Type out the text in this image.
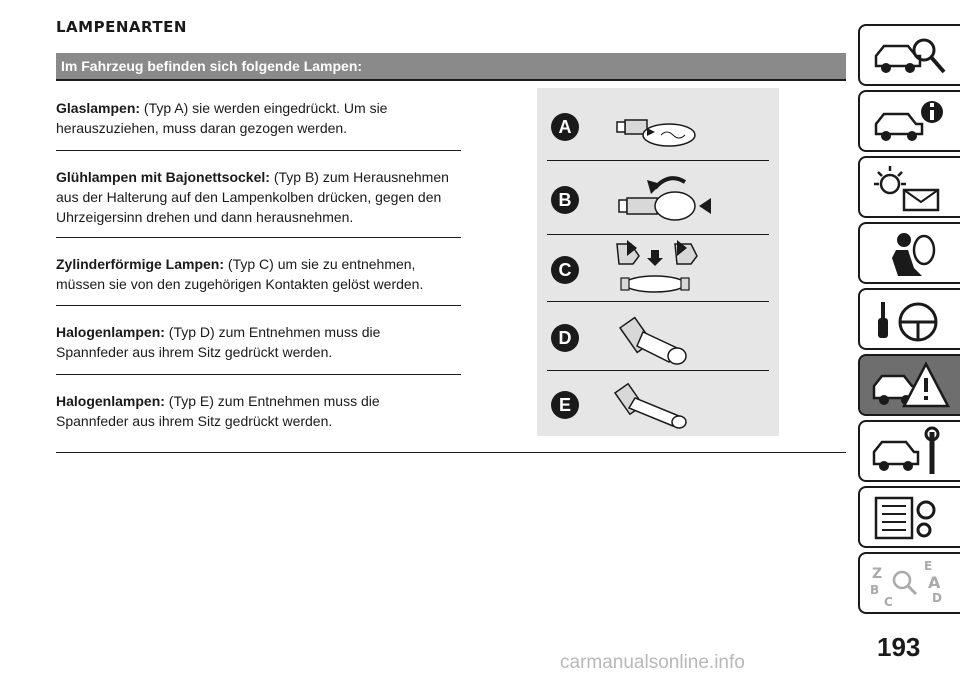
LAMPENARTEN
Im Fahrzeug befinden sich folgende Lampen:
Glaslampen: (Typ A) sie werden eingedrückt. Um sie
herauszuziehen, muss daran gezogen werden.
Glühlampen mit Bajonettsockel: (Typ B) zum Herausnehmen
aus der Halterung auf den Lampenkolben drücken, gegen den
Uhrzeigersinn drehen und dann herausnehmen.
Zylinderförmige Lampen: (Typ C) um sie zu entnehmen,
müssen sie von den zugehörigen Kontakten gelöst werden.
Halogenlampen: (Typ D) zum Entnehmen muss die
Spannfeder aus ihrem Sitz gedrückt werden.
Halogenlampen: (Typ E) zum Entnehmen muss die
Spannfeder aus ihrem Sitz gedrückt werden.
A
B
C
D
E
Z	E
B	A
C	D
193
carmanualsonline.info
